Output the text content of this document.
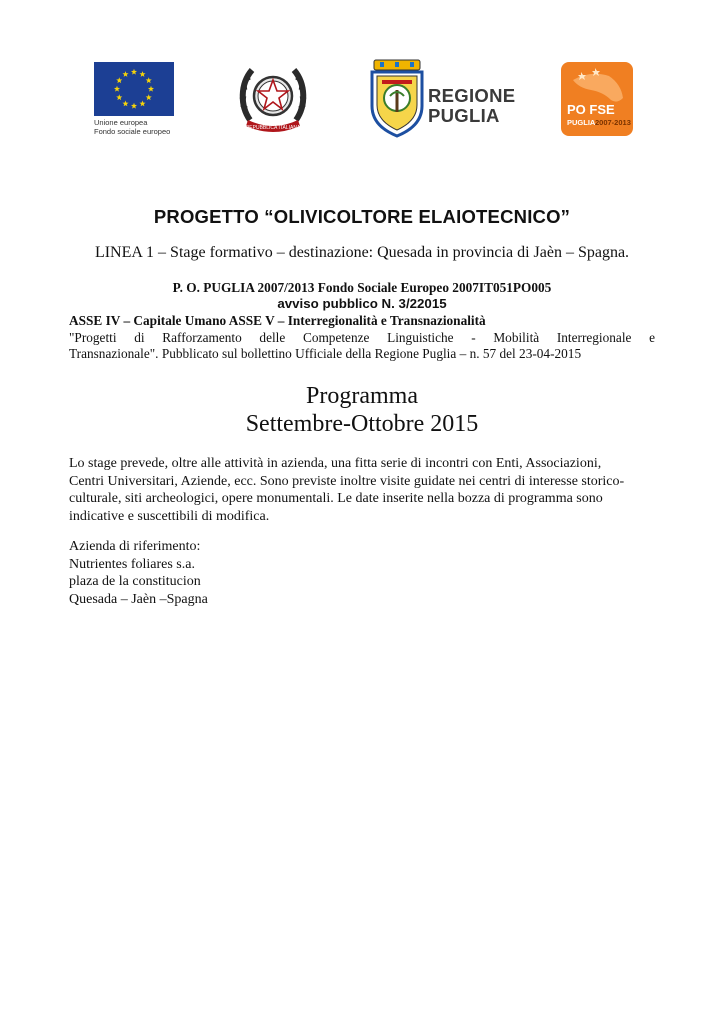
Unione europea
Fondo sociale europeo	REPUBBLICA ITALIANA
REGIONE
PUGLIA	PO FSE
PUGLIA 2007-2013
PROGETTO “OLIVICOLTORE ELAIOTECNICO”
LINEA 1 – Stage formativo – destinazione: Quesada in provincia di Jaèn – Spagna.
P. O. PUGLIA 2007/2013 Fondo Sociale Europeo 2007IT051PO005
avviso pubblico N. 3/22015
ASSE IV – Capitale Umano ASSE V – Interregionalità e Transnazionalità
"Progetti di Rafforzamento delle Competenze Linguistiche - Mobilità Interregionale e
Transnazionale". Pubblicato sul bollettino Ufficiale della Regione Puglia – n. 57 del 23-04-2015
Programma
Settembre-Ottobre 2015
Lo stage prevede, oltre alle attività in azienda, una fitta serie di incontri con Enti, Associazioni,
Centri Universitari, Aziende, ecc. Sono previste inoltre visite guidate nei centri di interesse storico-
culturale, siti archeologici, opere monumentali. Le date inserite nella bozza di programma sono
indicative e suscettibili di modifica.
Azienda di riferimento:
Nutrientes foliares s.a.
plaza de la constitucion
Quesada – Jaèn –Spagna
